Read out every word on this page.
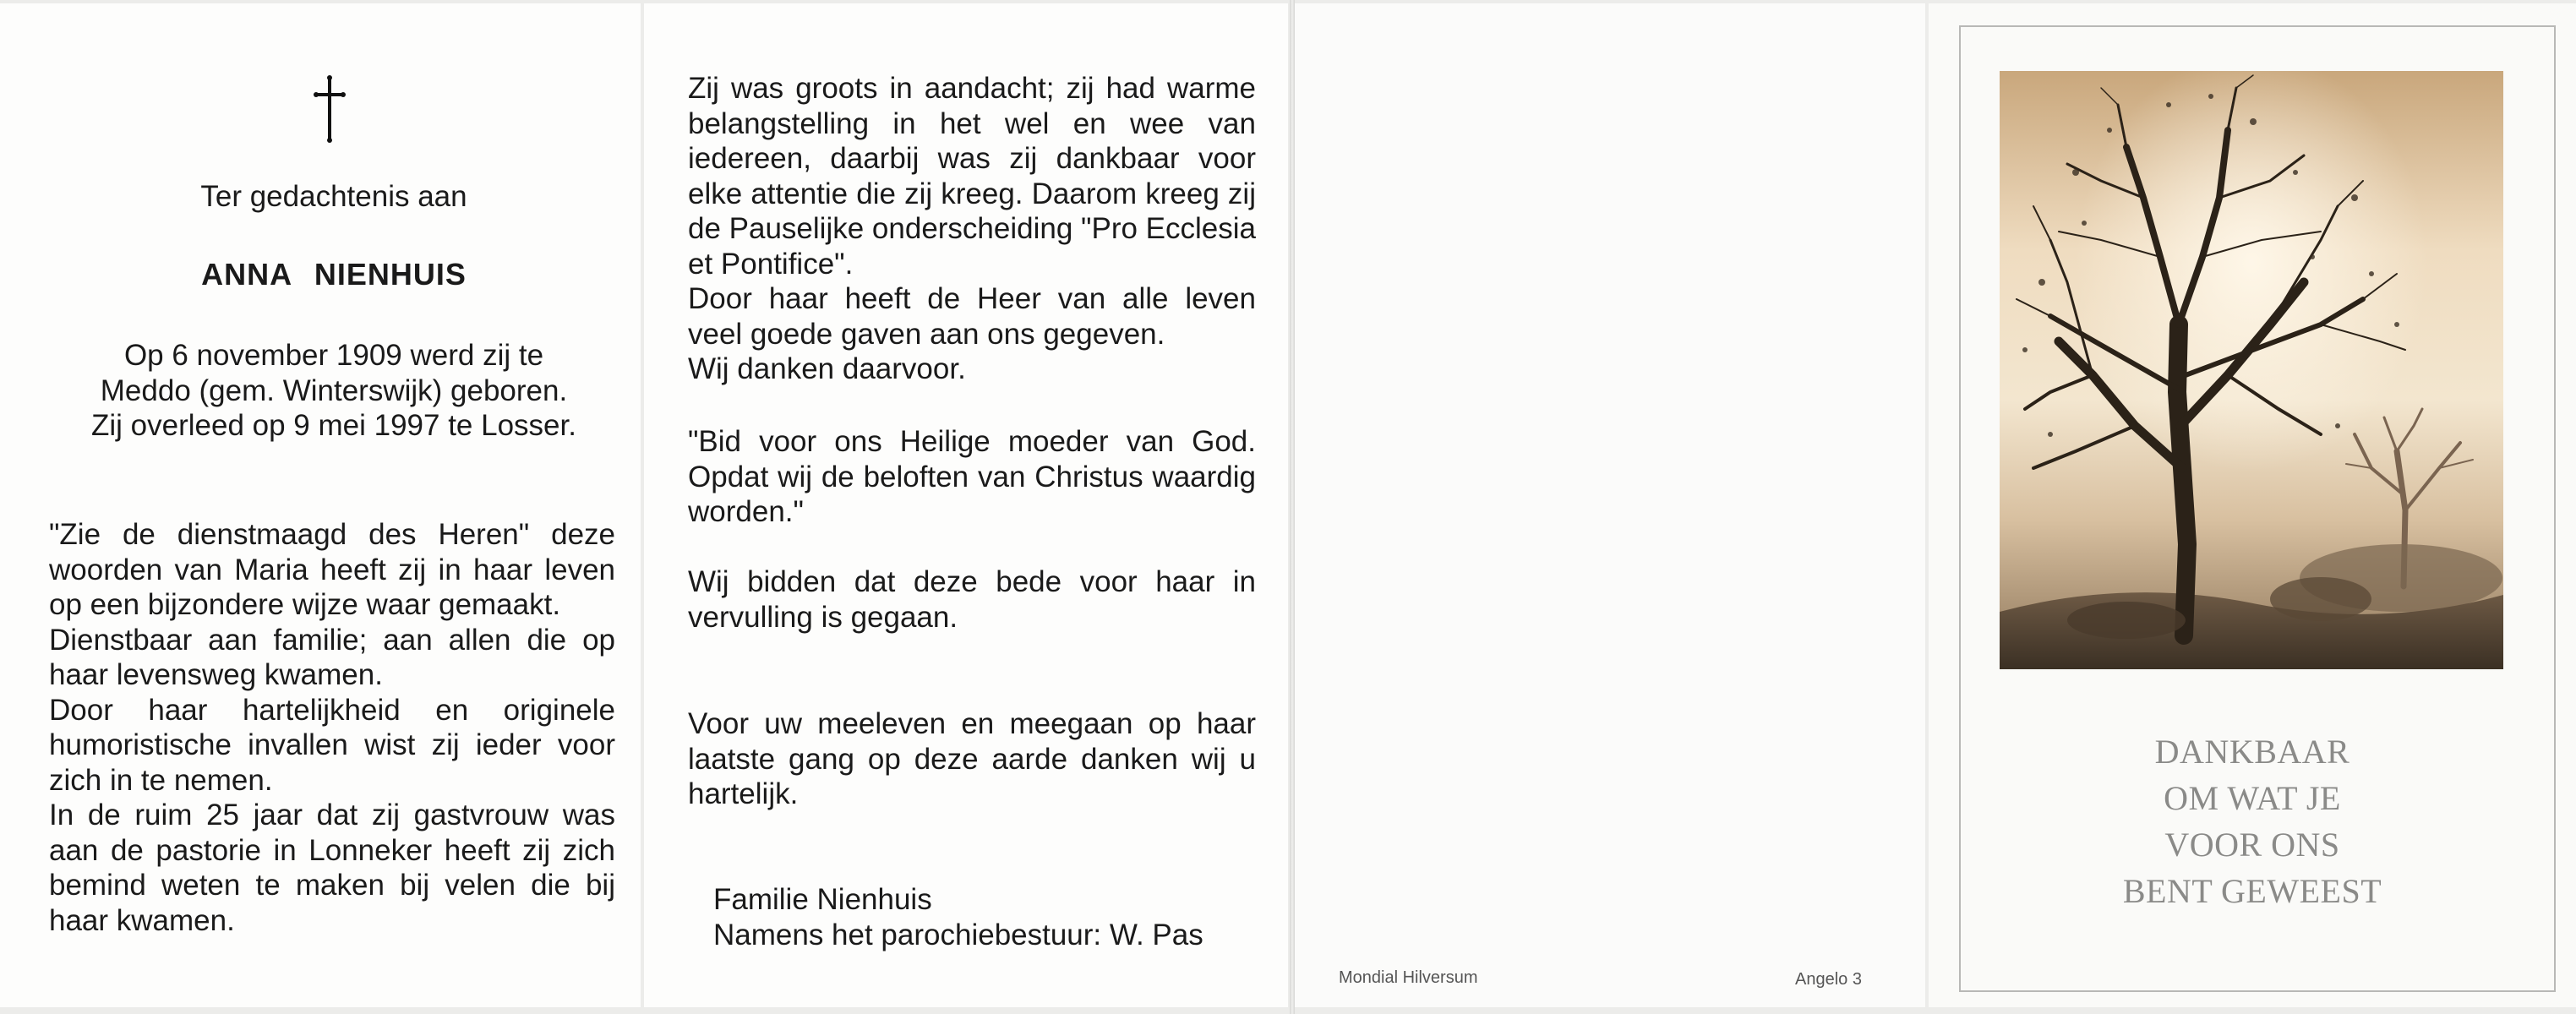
Ter gedachtenis aan
ANNA NIENHUIS
Op 6 november 1909 werd zij te
Meddo (gem. Winterswijk) geboren.
Zij overleed op 9 mei 1997 te Losser.
"Zie de dienstmaagd des Heren" deze woorden van Maria heeft zij in haar leven op een bijzondere wijze waar gemaakt.
Dienstbaar aan familie; aan allen die op haar levensweg kwamen.
Door haar hartelijkheid en originele humoristische invallen wist zij ieder voor zich in te nemen.
In de ruim 25 jaar dat zij gastvrouw was aan de pastorie in Lonneker heeft zij zich bemind weten te maken bij velen die bij haar kwamen.
Zij was groots in aandacht; zij had warme belangstelling in het wel en wee van iedereen, daarbij was zij dankbaar voor elke attentie die zij kreeg. Daarom kreeg zij de Pauselijke onderscheiding "Pro Ecclesia et Pontifice".
Door haar heeft de Heer van alle leven veel goede gaven aan ons gegeven.
Wij danken daarvoor.
"Bid voor ons Heilige moeder van God. Opdat wij de beloften van Christus waardig worden."
Wij bidden dat deze bede voor haar in vervulling is gegaan.
Voor uw meeleven en meegaan op haar laatste gang op deze aarde danken wij u hartelijk.
Familie Nienhuis
Namens het parochiebestuur: W. Pas
Mondial Hilversum	Angelo 3
DANKBAAR
OM WAT JE
VOOR ONS
BENT GEWEEST
